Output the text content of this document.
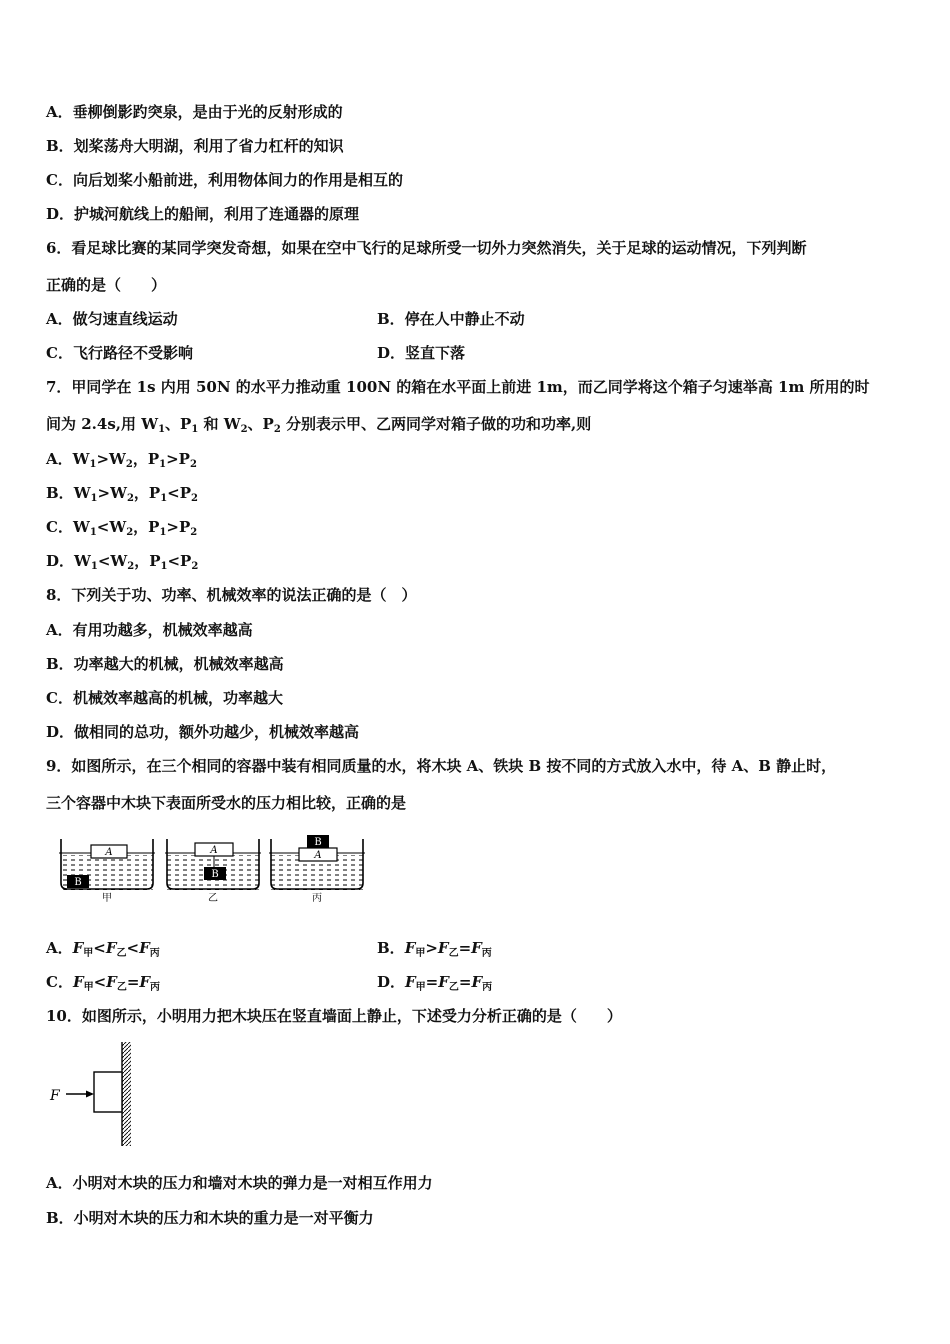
A．垂柳倒影趵突泉，是由于光的反射形成的
B．划桨荡舟大明湖，利用了省力杠杆的知识
C．向后划桨小船前进，利用物体间力的作用是相互的
D．护城河航线上的船闸，利用了连通器的原理
6．看足球比赛的某同学突发奇想，如果在空中飞行的足球所受一切外力突然消失，关于足球的运动情况，下列判断
正确的是（　　）
A．做匀速直线运动	B．停在人中静止不动
C．飞行路径不受影响	D．竖直下落
7．甲同学在 1s 内用 50N 的水平力推动重 100N 的箱在水平面上前进 1m，而乙同学将这个箱子匀速举高 1m 所用的时
间为 2.4s,用 $W_1$、$P_1$ 和 $W_2$、$P_2$ 分别表示甲、乙两同学对箱子做的功和功率,则
A．$W_1>W_2$，$P_1>P_2$
B．$W_1>W_2$，$P_1<P_2$
C．$W_1<W_2$，$P_1>P_2$
D．$W_1<W_2$，$P_1<P_2$
8．下列关于功、功率、机械效率的说法正确的是（　）
A．有用功越多，机械效率越高
B．功率越大的机械，机械效率越高
C．机械效率越高的机械，功率越大
D．做相同的总功，额外功越少，机械效率越高
9．如图所示，在三个相同的容器中装有相同质量的水，将木块 A、铁块 B 按不同的方式放入水中，待 A、B 静止时，
三个容器中木块下表面所受水的压力相比较，正确的是
A
B
甲
A
B
乙
A
B
丙
A．$F_甲<F_乙<F_丙$	B．$F_甲>F_乙=F_丙$
C．$F_甲<F_乙=F_丙$	D．$F_甲=F_乙=F_丙$
10．如图所示，小明用力把木块压在竖直墙面上静止，下述受力分析正确的是（　　）
F
A．小明对木块的压力和墙对木块的弹力是一对相互作用力
B．小明对木块的压力和木块的重力是一对平衡力
